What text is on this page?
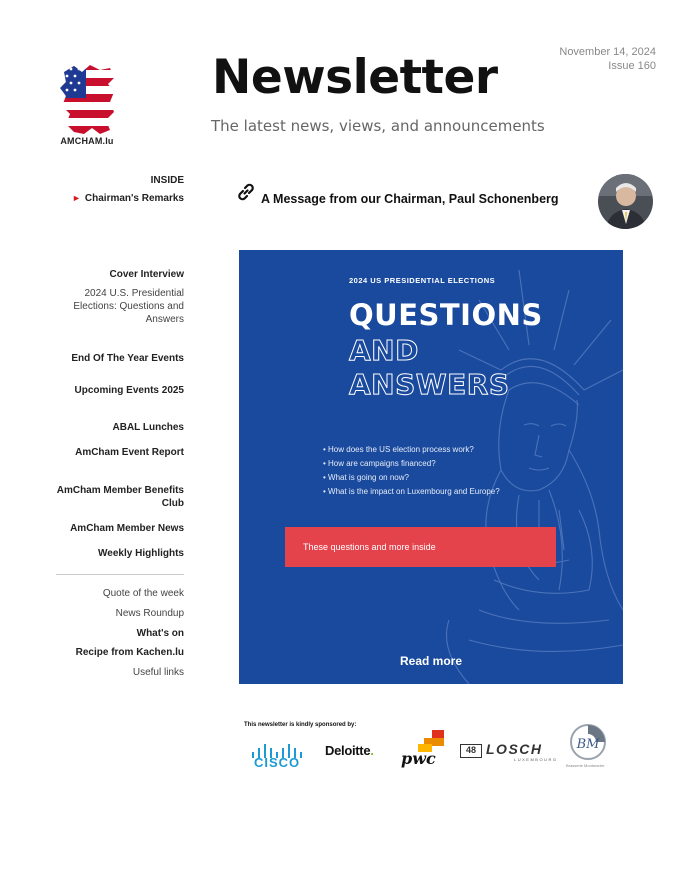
AMCHAM.lu
Newsletter
The latest news, views, and announcements
November 14, 2024
Issue 160
INSIDE
► Chairman's Remarks
Cover Interview
2024 U.S. Presidential Elections: Questions and Answers
End Of The Year Events
Upcoming Events 2025
ABAL Lunches
AmCham Event Report
AmCham Member Benefits Club
AmCham Member News
Weekly Highlights
Quote of the week
News Roundup
What's on
Recipe from Kachen.lu
Useful links
A Message from our Chairman, Paul Schonenberg
2024 US PRESIDENTIAL ELECTIONS
QUESTIONS
AND
ANSWERS
• How does the US election process work?
• How are campaigns financed?
• What is going on now?
• What is the impact on Luxembourg and Europe?
These questions and more inside
Read more
This newsletter is kindly sponsored by:
CISCO
Deloitte. pwc	48 LOSCH
LUXEMBOURG
BM
Brasserie Montmartre
